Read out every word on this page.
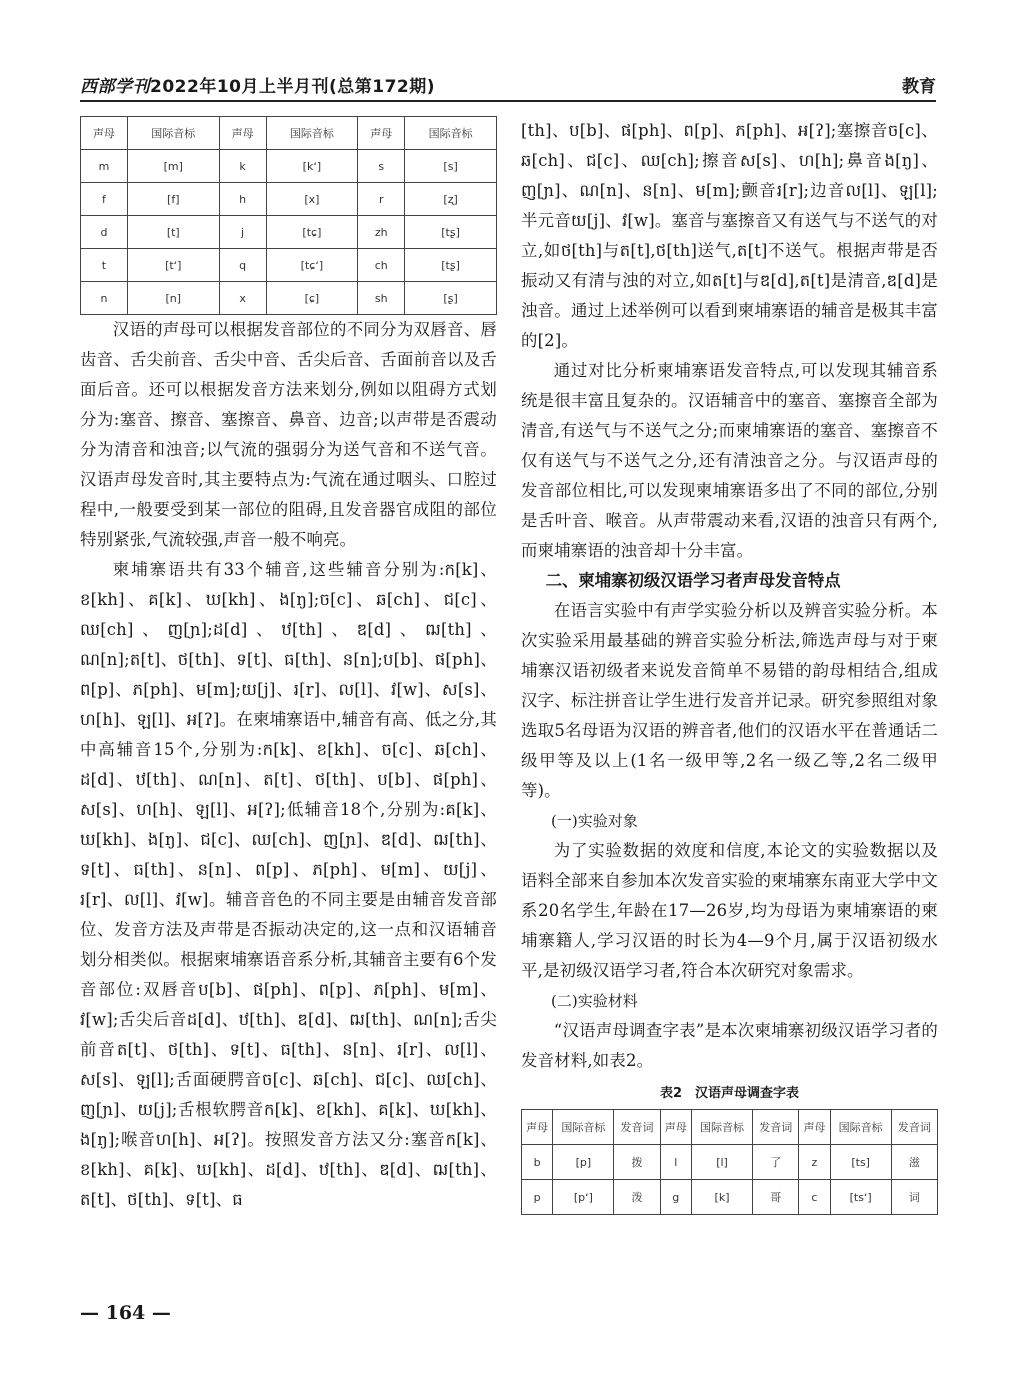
西部学刊2022年10月上半月刊(总第172期)	教育
声母	国际音标	声母	国际音标	声母	国际音标
m	[m]	k	[kʻ]	s	[s]
f	[f]	h	[x]	r	[ʐ]
d	[t]	j	[tɕ]	zh	[tʂ]
t	[tʻ]	q	[tɕʻ]	ch	[tʂ]
n	[n]	x	[ɕ]	sh	[ʂ]

汉语的声母可以根据发音部位的不同分为双唇音、唇齿音、舌尖前音、舌尖中音、舌尖后音、舌面前音以及舌面后音。还可以根据发音方法来划分,例如以阻碍方式划分为:塞音、擦音、塞擦音、鼻音、边音;以声带是否震动分为清音和浊音;以气流的强弱分为送气音和不送气音。汉语声母发音时,其主要特点为:气流在通过咽头、口腔过程中,一般要受到某一部位的阻碍,且发音器官成阻的部位特别紧张,气流较强,声音一般不响亮。

柬埔寨语共有33个辅音,这些辅音分别为:ក[k]、ខ[kh]、គ[k]、ឃ[kh]、ង[ŋ];ច[c]、ឆ[ch]、ជ[c]、ឈ[ch]、ញ[ɲ];ដ[d]、ឋ[th]、ឌ[d]、ឍ[th]、ណ[n];ត[t]、ថ[th]、ទ[t]、ធ[th]、ន[n];ប[b]、ផ[ph]、ព[p]、ភ[ph]、ម[m];យ[j]、រ[r]、ល[l]、វ[w]、ស[s]、ហ[h]、ឡ[l]、អ[ʔ]。在柬埔寨语中,辅音有高、低之分,其中高辅音15个,分别为:ក[k]、ខ[kh]、ច[c]、ឆ[ch]、ដ[d]、ឋ[th]、ណ[n]、ត[t]、ថ[th]、ប[b]、ផ[ph]、ស[s]、ហ[h]、ឡ[l]、អ[ʔ];低辅音18个,分别为:គ[k]、ឃ[kh]、ង[ŋ]、ជ[c]、ឈ[ch]、ញ[ɲ]、ឌ[d]、ឍ[th]、ទ[t]、ធ[th]、ន[n]、ព[p]、ភ[ph]、ម[m]、យ[j]、រ[r]、ល[l]、វ[w]。辅音音色的不同主要是由辅音发音部位、发音方法及声带是否振动决定的,这一点和汉语辅音划分相类似。根据柬埔寨语音系分析,其辅音主要有6个发音部位:双唇音ប[b]、ផ[ph]、ព[p]、ភ[ph]、ម[m]、វ[w];舌尖后音ដ[d]、ឋ[th]、ឌ[d]、ឍ[th]、ណ[n];舌尖前音ត[t]、ថ[th]、ទ[t]、ធ[th]、ន[n]、រ[r]、ល[l]、ស[s]、ឡ[l];舌面硬腭音ច[c]、ឆ[ch]、ជ[c]、ឈ[ch]、ញ[ɲ]、យ[j];舌根软腭音ក[k]、ខ[kh]、គ[k]、ឃ[kh]、ង[ŋ];喉音ហ[h]、អ[ʔ]。按照发音方法又分:塞音ក[k]、ខ[kh]、គ[k]、ឃ[kh]、ដ[d]、ឋ[th]、ឌ[d]、ឍ[th]、ត[t]、ថ[th]、ទ[t]、ធ

[th]、ប[b]、ផ[ph]、ព[p]、ភ[ph]、អ[ʔ];塞擦音ច[c]、ឆ[ch]、ជ[c]、ឈ[ch];擦音ស[s]、ហ[h];鼻音ង[ŋ]、ញ[ɲ]、ណ[n]、ន[n]、ម[m];颤音រ[r];边音ល[l]、ឡ[l];半元音យ[j]、វ[w]。塞音与塞擦音又有送气与不送气的对立,如ថ[th]与ត[t],ថ[th]送气,ត[t]不送气。根据声带是否振动又有清与浊的对立,如ត[t]与ឌ[d],ត[t]是清音,ឌ[d]是浊音。通过上述举例可以看到柬埔寨语的辅音是极其丰富的[2]。

通过对比分析柬埔寨语发音特点,可以发现其辅音系统是很丰富且复杂的。汉语辅音中的塞音、塞擦音全部为清音,有送气与不送气之分;而柬埔寨语的塞音、塞擦音不仅有送气与不送气之分,还有清浊音之分。与汉语声母的发音部位相比,可以发现柬埔寨语多出了不同的部位,分别是舌叶音、喉音。从声带震动来看,汉语的浊音只有两个,而柬埔寨语的浊音却十分丰富。

二、柬埔寨初级汉语学习者声母发音特点

在语言实验中有声学实验分析以及辨音实验分析。本次实验采用最基础的辨音实验分析法,筛选声母与对于柬埔寨汉语初级者来说发音简单不易错的韵母相结合,组成汉字、标注拼音让学生进行发音并记录。研究参照组对象选取5名母语为汉语的辨音者,他们的汉语水平在普通话二级甲等及以上(1名一级甲等,2名一级乙等,2名二级甲等)。

(一)实验对象

为了实验数据的效度和信度,本论文的实验数据以及语料全部来自参加本次发音实验的柬埔寨东南亚大学中文系20名学生,年龄在17—26岁,均为母语为柬埔寨语的柬埔寨籍人,学习汉语的时长为4—9个月,属于汉语初级水平,是初级汉语学习者,符合本次研究对象需求。

(二)实验材料

“汉语声母调查字表”是本次柬埔寨初级汉语学习者的发音材料,如表2。

表2　汉语声母调查字表
声母	国际音标	发音词	声母	国际音标	发音词	声母	国际音标	发音词
b	[p]	拨	l	[l]	了	z	[ts]	滋
p	[pʻ]	泼	g	[k]	哥	c	[tsʻ]	词
— 164 —
